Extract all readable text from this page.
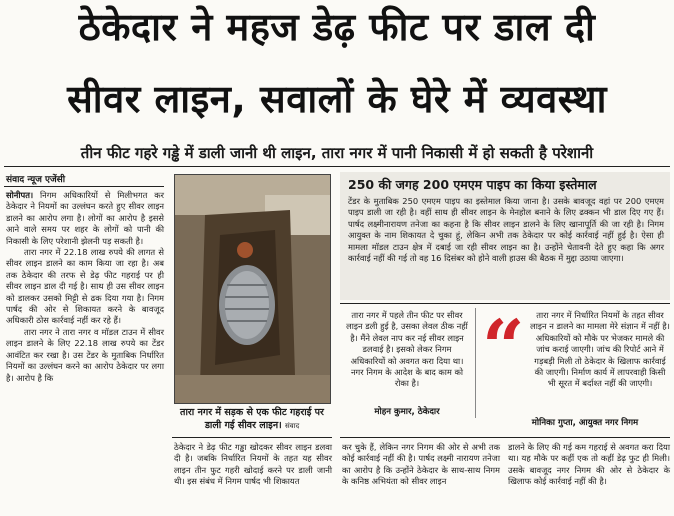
ठेकेदार ने महज डेढ़ फीट पर डाल दी
सीवर लाइन, सवालों के घेरे में व्यवस्था
तीन फीट गहरे गड्ढे में डाली जानी थी लाइन, तारा नगर में पानी निकासी में हो सकती है परेशानी
संवाद न्यूज एजेंसी

सोनीपत। निगम अधिकारियों से मिलीभगत कर ठेकेदार ने नियमों का उल्लंघन करते हुए सीवर लाइन डालने का आरोप लगा है। लोगों का आरोप है इससे आने वाले समय पर शहर के लोगों को पानी की निकासी के लिए परेशानी झेलनी पड़ सकती है।

तारा नगर में 22.18 लाख रुपये की लागत से सीवर लाइन डालने का काम किया जा रहा है। अब तक ठेकेदार की तरफ से डेढ़ फीट गहराई पर ही सीवर लाइन डाल दी गई है। साथ ही उस सीवर लाइन को डालकर उसको मिट्टी से ढक दिया गया है। निगम पार्षद की ओर से शिकायत करने के बावजूद अधिकारी ठोस कार्रवाई नहीं कर रहे हैं।

तारा नगर ने तारा नगर व मॉडल टाउन में सीवर लाइन डालने के लिए 22.18 लाख रुपये का टेंडर आवंटित कर रखा है। उस टेंडर के मुताबिक निर्धारित नियमों का उल्लंघन करने का आरोप ठेकेदार पर लगा है। आरोप है कि

तारा नगर में सड़क से एक फीट गहराई पर डाली गई सीवर लाइन। संवाद
ठेकेदार ने डेढ़ फीट गड्ढा खोदकर सीवर लाइन डलवा दी है। जबकि निर्धारित नियमों के तहत यह सीवर लाइन तीन फुट गहरी खोदाई करने पर डाली जानी थी। इस संबंध में निगम पार्षद भी शिकायत
250 की जगह 200 एमएम पाइप का किया इस्तेमाल
टेंडर के मुताबिक 250 एमएम पाइप का इस्तेमाल किया जाना है। उसके बावजूद वहां पर 200 एमएम पाइप डाली जा रही है। वहीं साथ ही सीवर लाइन के मेनहोल बनाने के लिए ढक्कन भी डाल दिए गए हैं। पार्षद लक्ष्मीनारायण तनेजा का कहना है कि सीवर लाइन डालने के लिए खानापूर्ति की जा रही है। निगम आयुक्त के नाम शिकायत दे चुका हूं, लेकिन अभी तक ठेकेदार पर कोई कार्रवाई नहीं हुई है। ऐसा ही मामला मॉडल टाउन क्षेत्र में दबाई जा रही सीवर लाइन का है। उन्होंने चेतावनी देते हुए कहा कि अगर कार्रवाई नहीं की गई तो वह 16 दिसंबर को होने वाली हाउस की बैठक में मुद्दा उठाया जाएगा।
तारा नगर में पहले तीन फीट पर सीवर लाइन डली हुई है, उसका लेवल ठीक नहीं है। मैंने लेवल नाप कर नई सीवर लाइन डलवाई है। इसको लेकर निगम अधिकारियों को अवगत करा दिया था। नगर निगम के आदेश के बाद काम को रोका है।
मोहन कुमार, ठेकेदार
“	तारा नगर में निर्धारित नियमों के तहत सीवर लाइन न डालने का मामला मेरे संज्ञान में नहीं है। अधिकारियों को मौके पर भेजकर मामले की जांच कराई जाएगी। जांच की रिपोर्ट आने में गड़बड़ी मिली तो ठेकेदार के खिलाफ कार्रवाई की जाएगी। निर्माण कार्य में लापरवाही किसी भी सूरत में बर्दाश्त नहीं की जाएगी।
मोनिका गुप्ता, आयुक्त नगर निगम
कर चुके हैं, लेकिन नगर निगम की ओर से अभी तक कोई कार्रवाई नहीं की है। पार्षद लक्ष्मी नारायण तनेजा का आरोप है कि उन्होंने ठेकेदार के साथ-साथ निगम के कनिष्ठ अभियंता को सीवर लाइन
डालने के लिए की गई कम गहराई से अवगत करा दिया था। यह मौके पर कहीं एक तो कहीं डेढ़ फुट ही मिली। उसके बावजूद नगर निगम की ओर से ठेकेदार के खिलाफ कोई कार्रवाई नहीं की है।
